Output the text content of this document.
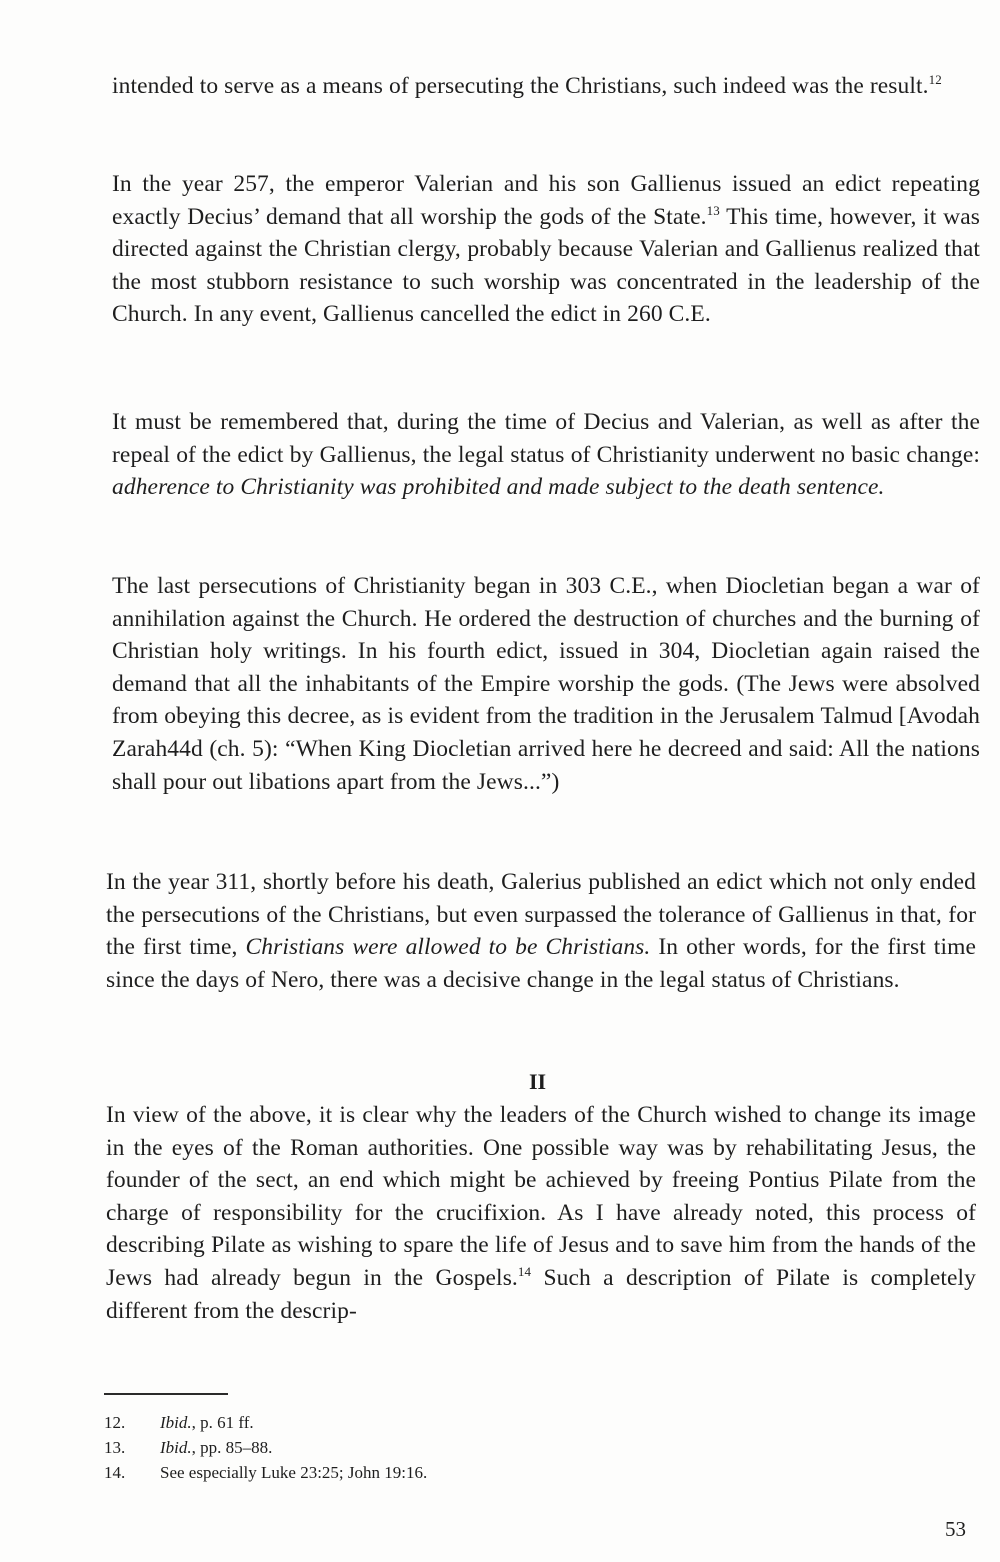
intended to serve as a means of persecuting the Christians, such indeed was the result.$^{12}$
In the year 257, the emperor Valerian and his son Gallienus issued an edict repeating exactly Decius’ demand that all worship the gods of the State.$^{13}$ This time, however, it was directed against the Christian clergy, probably because Valerian and Gallienus realized that the most stubborn resistance to such worship was concentrated in the leadership of the Church. In any event, Gallienus cancelled the edict in 260 C.E.
It must be remembered that, during the time of Decius and Valerian, as well as after the repeal of the edict by Gallienus, the legal status of Christianity underwent no basic change: adherence to Christianity was prohibited and made subject to the death sentence.
The last persecutions of Christianity began in 303 C.E., when Diocletian began a war of annihilation against the Church. He ordered the destruction of churches and the burning of Christian holy writings. In his fourth edict, issued in 304, Diocletian again raised the demand that all the inhabitants of the Empire worship the gods. (The Jews were absolved from obeying this decree, as is evident from the tradition in the Jerusalem Talmud [Avodah Zarah44d (ch. 5): “When King Diocletian arrived here he decreed and said: All the nations shall pour out libations apart from the Jews...”)
In the year 311, shortly before his death, Galerius published an edict which not only ended the persecutions of the Christians, but even surpassed the tolerance of Gallienus in that, for the first time, Christians were allowed to be Christians. In other words, for the first time since the days of Nero, there was a decisive change in the legal status of Christians.
II
In view of the above, it is clear why the leaders of the Church wished to change its image in the eyes of the Roman authorities. One possible way was by rehabilitating Jesus, the founder of the sect, an end which might be achieved by freeing Pontius Pilate from the charge of responsibility for the crucifixion. As I have already noted, this process of describing Pilate as wishing to spare the life of Jesus and to save him from the hands of the Jews had already begun in the Gospels.$^{14}$ Such a description of Pilate is completely different from the descrip-
12.	Ibid., p. 61 ff.
13.	Ibid., pp. 85–88.
14.	See especially Luke 23:25; John 19:16.
53
